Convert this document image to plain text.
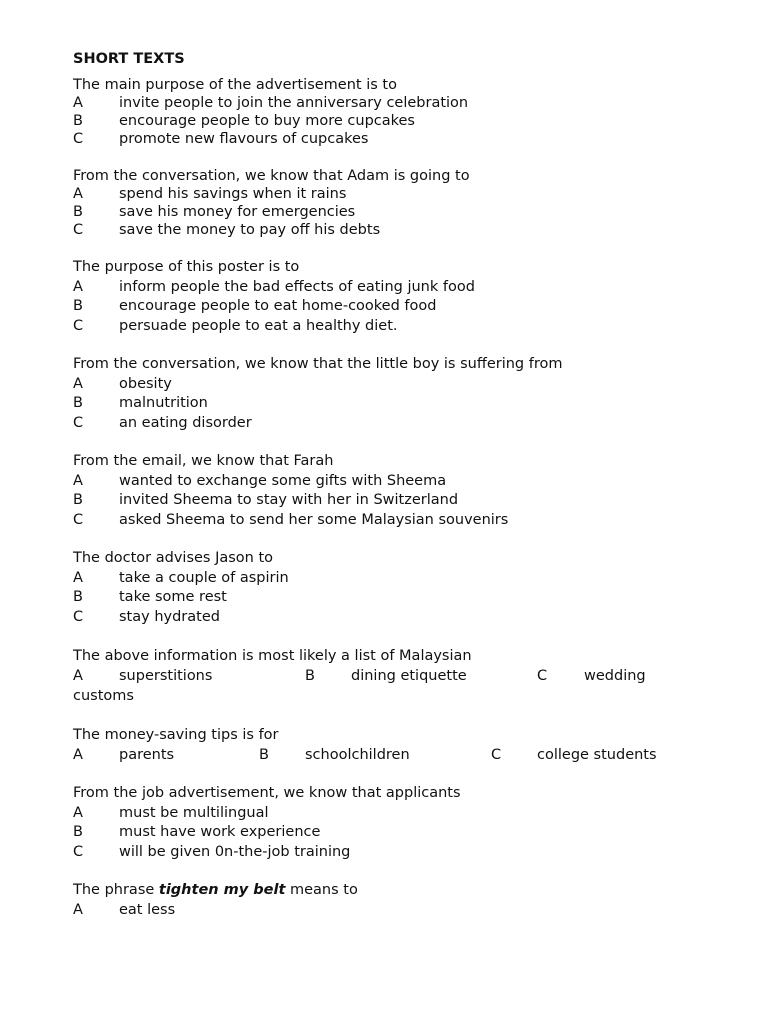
SHORT TEXTS
The main purpose of the advertisement is to
A invite people to join the anniversary celebration
B encourage people to buy more cupcakes
C promote new flavours of cupcakes
From the conversation, we know that Adam is going to
A spend his savings when it rains
B save his money for emergencies
C save the money to pay off his debts
The purpose of this poster is to
A inform people the bad effects of eating junk food
B encourage people to eat home-cooked food
C persuade people to eat a healthy diet.
From the conversation, we know that the little boy is suffering from
A obesity
B malnutrition
C an eating disorder
From the email, we know that Farah
A wanted to exchange some gifts with Sheema
B invited Sheema to stay with her in Switzerland
C asked Sheema to send her some Malaysian souvenirs
The doctor advises Jason to
A take a couple of aspirin
B take some rest
C stay hydrated
The above information is most likely a list of Malaysian
A superstitions	B dining etiquette	C	wedding
customs
The money-saving tips is for
A parents	B schoolchildren	C college students
From the job advertisement, we know that applicants
A must be multilingual
B must have work experience
C will be given 0n-the-job training
The phrase tighten my belt means to
A eat less
